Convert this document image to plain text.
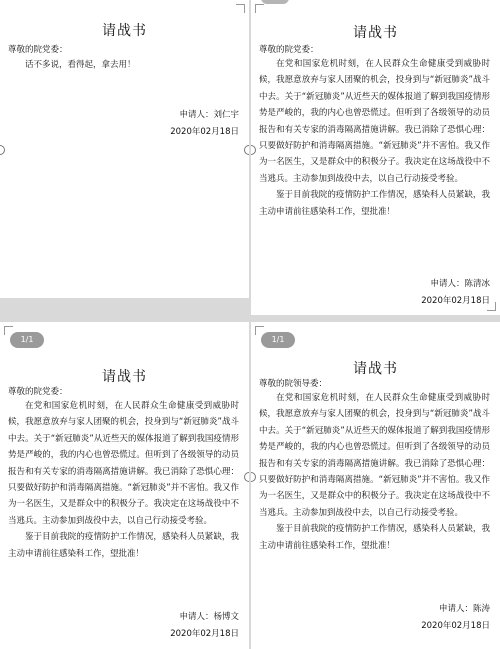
请战书
尊敬的院党委：

话不多说，看得起，拿去用！

申请人：刘仁宇
2020年02月18日
请战书
尊敬的院党委：

在党和国家危机时刻，在人民群众生命健康受到威胁时候，我愿意放弃与家人团聚的机会，投身到与“新冠肺炎”战斗中去。关于“新冠肺炎”从近些天的媒体报道了解到我国疫情形势是严峻的，我的内心也曾恐慌过。但听到了各级领导的动员报告和有关专家的消毒隔离措施讲解。我已消除了恐惧心理：只要做好防护和消毒隔离措施。“新冠肺炎”并不害怕。我又作为一名医生，又是群众中的积极分子。我决定在这场战役中不当逃兵。主动参加到战役中去，以自己行动接受考验。

鉴于目前我院的疫情防护工作情况，感染科人员紧缺，我主动申请前往感染科工作，望批准！

申请人：陈清冰
2020年02月18日
1/1
请战书
尊敬的院党委：

在党和国家危机时刻，在人民群众生命健康受到威胁时候，我愿意放弃与家人团聚的机会，投身到与“新冠肺炎”战斗中去。关于“新冠肺炎”从近些天的媒体报道了解到我国疫情形势是严峻的，我的内心也曾恐慌过。但听到了各级领导的动员报告和有关专家的消毒隔离措施讲解。我已消除了恐惧心理：只要做好防护和消毒隔离措施。“新冠肺炎”并不害怕。我又作为一名医生，又是群众中的积极分子。我决定在这场战役中不当逃兵。主动参加到战役中去，以自己行动接受考验。

鉴于目前我院的疫情防护工作情况，感染科人员紧缺，我主动申请前往感染科工作，望批准！

申请人：杨博文
2020年02月18日
1/1
请战书
尊敬的院领导委：

在党和国家危机时刻，在人民群众生命健康受到威胁时候，我愿意放弃与家人团聚的机会，投身到与“新冠肺炎”战斗中去。关于“新冠肺炎”从近些天的媒体报道了解到我国疫情形势是严峻的，我的内心也曾恐慌过。但听到了各级领导的动员报告和有关专家的消毒隔离措施讲解。我已消除了恐惧心理：只要做好防护和消毒隔离措施。“新冠肺炎”并不害怕。我又作为一名医生，又是群众中的积极分子。我决定在这场战役中不当逃兵。主动参加到战役中去，以自己行动接受考验。

鉴于目前我院的疫情防护工作情况，感染科人员紧缺，我主动申请前往感染科工作，望批准！

申请人：陈涛
2020年02月18日
